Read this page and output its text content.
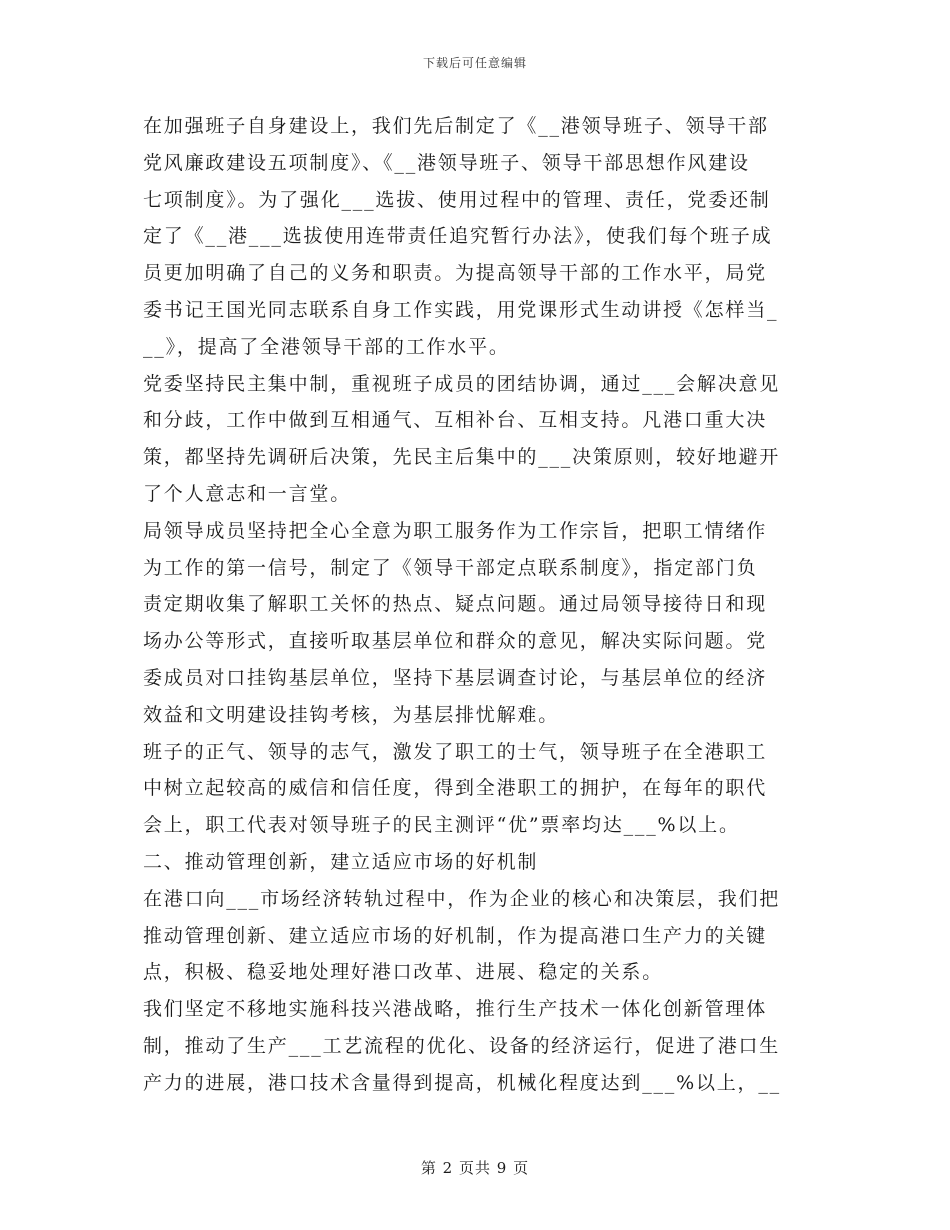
下载后可任意编辑
在加强班子自身建设上，我们先后制定了《__港领导班子、领导干部
党风廉政建设五项制度》、《__港领导班子、领导干部思想作风建设
七项制度》。为了强化___选拔、使用过程中的管理、责任，党委还制
定了《__港___选拔使用连带责任追究暂行办法》，使我们每个班子成
员更加明确了自己的义务和职责。为提高领导干部的工作水平，局党
委书记王国光同志联系自身工作实践，用党课形式生动讲授《怎样当_
__》，提高了全港领导干部的工作水平。
党委坚持民主集中制，重视班子成员的团结协调，通过___会解决意见
和分歧，工作中做到互相通气、互相补台、互相支持。凡港口重大决
策，都坚持先调研后决策，先民主后集中的___决策原则，较好地避开
了个人意志和一言堂。
局领导成员坚持把全心全意为职工服务作为工作宗旨，把职工情绪作
为工作的第一信号，制定了《领导干部定点联系制度》，指定部门负
责定期收集了解职工关怀的热点、疑点问题。通过局领导接待日和现
场办公等形式，直接听取基层单位和群众的意见，解决实际问题。党
委成员对口挂钩基层单位，坚持下基层调查讨论，与基层单位的经济
效益和文明建设挂钩考核，为基层排忧解难。
班子的正气、领导的志气，激发了职工的士气，领导班子在全港职工
中树立起较高的威信和信任度，得到全港职工的拥护，在每年的职代
会上，职工代表对领导班子的民主测评“优”票率均达___%以上。
二、推动管理创新，建立适应市场的好机制
在港口向___市场经济转轨过程中，作为企业的核心和决策层，我们把
推动管理创新、建立适应市场的好机制，作为提高港口生产力的关键
点，积极、稳妥地处理好港口改革、进展、稳定的关系。
我们坚定不移地实施科技兴港战略，推行生产技术一体化创新管理体
制，推动了生产___工艺流程的优化、设备的经济运行，促进了港口生
产力的进展，港口技术含量得到提高，机械化程度达到___%以上，__
第 2 页共 9 页
